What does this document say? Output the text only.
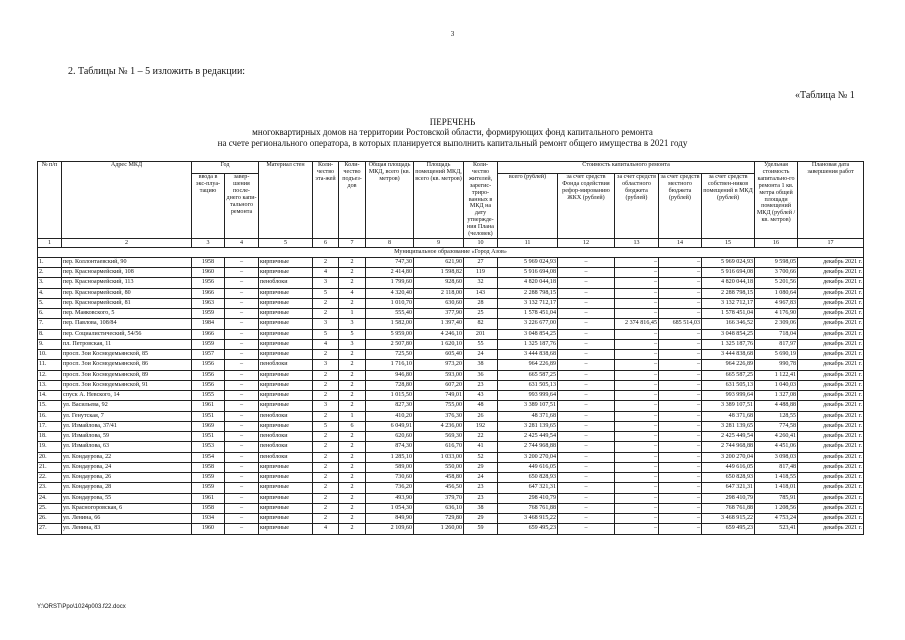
3
2. Таблицы № 1 – 5 изложить в редакции:
«Таблица № 1
ПЕРЕЧЕНЬ
многоквартирных домов на территории Ростовской области, формирующих фонд капитального ремонта
на счете регионального оператора, в которых планируется выполнить капитальный ремонт общего имущества в 2021 году
№ п/п	Адрес МКД	Год		Материал стен	Коли-чество эта-жей	Коли-чество подъез-дов	Общая площадь МКД, всего (кв. метров)	Площадь помещений МКД, всего (кв. метров)	Коли-чество жителей, зарегис-триро-ванных в МКД на дату утвержде-ния Плана (человек)	Стоимость капитального ремонта					Удельная стоимость капитально-го ремонта 1 кв. метра общей площади помещений МКД (рублей / кв. метров)	Плановая дата завершения работ
		ввода в экс-плуа-тацию	завер-шения после-днего капи-тального ремонта							всего (рублей)	за счет средств Фонда содействия рефор-мированию ЖКХ (рублей)	за счет средств областного бюджета (рублей)	за счет средств местного бюджета (рублей)	за счет средств собствен-ников помещений в МКД (рублей)		
1	2	3	4	5	6	7	8	9	10	11	12	13	14	15	16	17
Муниципальное образование «Город Азов»																
1.	пер. Коллонтаевский, 90	1958	–	кирпичные	2	2	747,30	621,90	27	5 969 024,93	–	–	–	5 969 024,93	9 598,05	декабрь 2021 г.
2.	пер. Красноармейский, 108	1960	–	кирпичные	4	2	2 414,80	1 598,82	119	5 916 694,08	–	–	–	5 916 694,08	3 700,66	декабрь 2021 г.
3.	пер. Красноармейский, 113	1956	–	пеноблоки	3	2	1 799,60	928,60	32	4 820 044,18	–	–	–	4 820 044,18	5 201,56	декабрь 2021 г.
4.	пер. Красноармейский, 80	1966	–	кирпичные	5	4	4 320,40	2 118,00	143	2 288 798,15	–	–	–	2 288 798,15	1 080,64	декабрь 2021 г.
5.	пер. Красноармейский, 81	1963	–	кирпичные	2	2	1 010,70	630,60	28	3 132 712,17	–	–	–	3 132 712,17	4 967,83	декабрь 2021 г.
6.	пер. Маяковского, 5	1959	–	кирпичные	2	1	555,40	377,90	25	1 578 451,04	–	–	–	1 578 451,04	4 176,90	декабрь 2021 г.
7.	пер. Павлова, 108/84	1984	–	кирпичные	3	3	1 582,00	1 397,40	82	3 226 677,00	–	2 374 816,45	685 514,03	166 346,52	2 309,06	декабрь 2021 г.
8.	пер. Социалистический, 54/56	1966	–	кирпичные	5	5	5 959,00	4 246,10	201	3 048 854,25	–	–	–	3 048 854,25	718,04	декабрь 2021 г.
9.	пл. Петровская, 11	1959	–	кирпичные	4	3	2 507,80	1 620,10	55	1 325 187,76	–	–	–	1 325 187,76	817,97	декабрь 2021 г.
10.	просп. Зои Космодемьянской, 85	1957	–	кирпичные	2	2	725,50	605,40	24	3 444 838,68	–	–	–	3 444 838,68	5 690,19	декабрь 2021 г.
11.	просп. Зои Космодемьянской, 86	1956	–	пеноблоки	3	2	1 716,10	973,20	38	964 226,89	–	–	–	964 226,89	990,78	декабрь 2021 г.
12.	просп. Зои Космодемьянской, 89	1956	–	кирпичные	2	2	946,80	593,00	36	665 587,25	–	–	–	665 587,25	1 122,41	декабрь 2021 г.
13.	просп. Зои Космодемьянской, 91	1956	–	кирпичные	2	2	728,80	607,20	23	631 505,13	–	–	–	631 505,13	1 040,03	декабрь 2021 г.
14.	спуск А. Невского, 14	1955	–	кирпичные	2	2	1 015,50	749,01	43	993 999,64	–	–	–	993 999,64	1 327,08	декабрь 2021 г.
15.	ул. Васильева, 92	1961	–	кирпичные	3	2	827,30	755,00	48	3 389 107,51	–	–	–	3 389 107,51	4 488,88	декабрь 2021 г.
16.	ул. Генутская, 7	1951	–	пеноблоки	2	1	410,20	376,30	26	48 371,68	–	–	–	48 371,68	128,55	декабрь 2021 г.
17.	ул. Измайлова, 37/41	1969	–	кирпичные	5	6	6 049,91	4 236,00	192	3 281 139,65	–	–	–	3 281 139,65	774,58	декабрь 2021 г.
18.	ул. Измайлова, 59	1951	–	пеноблоки	2	2	620,60	569,30	22	2 425 449,54	–	–	–	2 425 449,54	4 260,41	декабрь 2021 г.
19.	ул. Измайлова, 63	1953	–	пеноблоки	2	2	874,30	616,70	41	2 744 968,88	–	–	–	2 744 968,88	4 451,06	декабрь 2021 г.
20.	ул. Кондаурова, 22	1954	–	пеноблоки	2	2	1 285,10	1 033,00	52	3 200 270,04	–	–	–	3 200 270,04	3 098,03	декабрь 2021 г.
21.	ул. Кондаурова, 24	1958	–	кирпичные	2	2	589,00	550,00	29	449 616,05	–	–	–	449 616,05	817,48	декабрь 2021 г.
22.	ул. Кондаурова, 26	1959	–	кирпичные	2	2	730,60	458,80	24	650 828,93	–	–	–	650 828,93	1 418,55	декабрь 2021 г.
23.	ул. Кондаурова, 28	1959	–	кирпичные	2	2	736,20	456,50	23	647 321,31	–	–	–	647 321,31	1 418,01	декабрь 2021 г.
24.	ул. Кондаурова, 55	1961	–	кирпичные	2	2	493,90	379,70	23	298 410,79	–	–	–	298 410,79	785,91	декабрь 2021 г.
25.	ул. Красногоровская, 6	1958	–	кирпичные	2	2	1 054,30	636,10	38	768 761,88	–	–	–	768 761,88	1 208,56	декабрь 2021 г.
26.	ул. Ленина, 66	1934	–	кирпичные	2	2	849,90	729,80	29	3 468 915,22	–	–	–	3 468 915,22	4 753,24	декабрь 2021 г.
27.	ул. Ленина, 83	1960	–	кирпичные	4	2	2 109,60	1 260,00	59	659 495,23	–	–	–	659 495,23	523,41	декабрь 2021 г.
Y:\ORST\Ppo\1024p003.f22.docx
